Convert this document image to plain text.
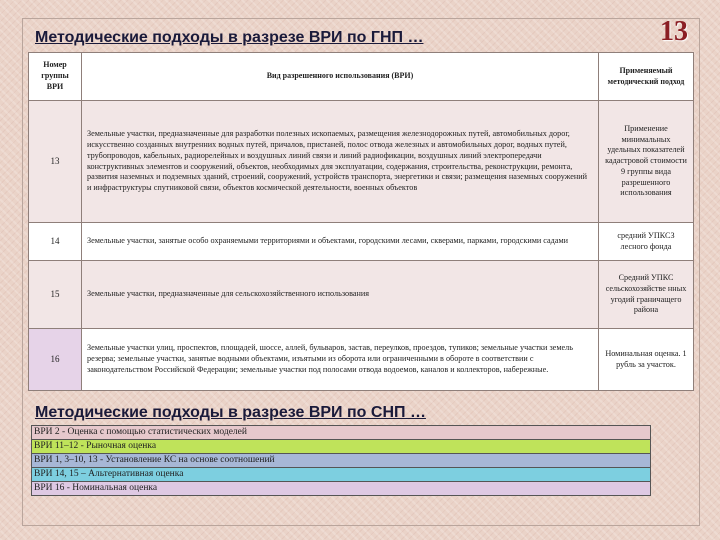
Методические подходы в разрезе ВРИ по ГНП …	13
Номер группы ВРИ	Вид разрешенного использования (ВРИ)	Применяемый методический подход
13	Земельные участки, предназначенные для разработки полезных ископаемых, размещения железнодорожных путей, автомобильных дорог, искусственно созданных внутренних водных путей, причалов, пристаней, полос отвода железных и автомобильных дорог, водных путей, трубопроводов, кабельных, радиорелейных и воздушных линий связи и линий радиофикации, воздушных линий электропередачи конструктивных элементов и сооружений, объектов, необходимых для эксплуатации, содержания, строительства, реконструкции, ремонта, развития наземных и подземных зданий, строений, сооружений, устройств транспорта, энергетики и связи; размещения наземных сооружений и инфраструктуры спутниковой связи, объектов космической деятельности, военных объектов	Применение минимальных удельных показателей кадастровой стоимости 9 группы вида разрешенного использования
14	Земельные участки, занятые особо охраняемыми территориями и объектами, городскими лесами, скверами, парками, городскими садами	средний УПКСЗ лесного фонда
15	Земельные участки, предназначенные для сельскохозяйственного использования	Средний УПКС сельскохозяйстве нных угодий граничащего района
16	Земельные участки улиц, проспектов, площадей, шоссе, аллей, бульваров, застав, переулков, проездов, тупиков; земельные участки земель резерва; земельные участки, занятые водными объектами, изъятыми из оборота или ограниченными в обороте в соответствии с законодательством Российской Федерации; земельные участки под полосами отвода водоемов, каналов и коллекторов, набережные.	Номинальная оценка. 1 рубль за участок.
Методические подходы в разрезе ВРИ по СНП …
ВРИ 2 - Оценка с помощью статистических моделей
ВРИ 11–12 - Рыночная оценка
ВРИ 1, 3–10, 13 - Установление КС на основе соотношений
ВРИ 14, 15 – Альтернативная оценка
ВРИ 16 - Номинальная оценка
